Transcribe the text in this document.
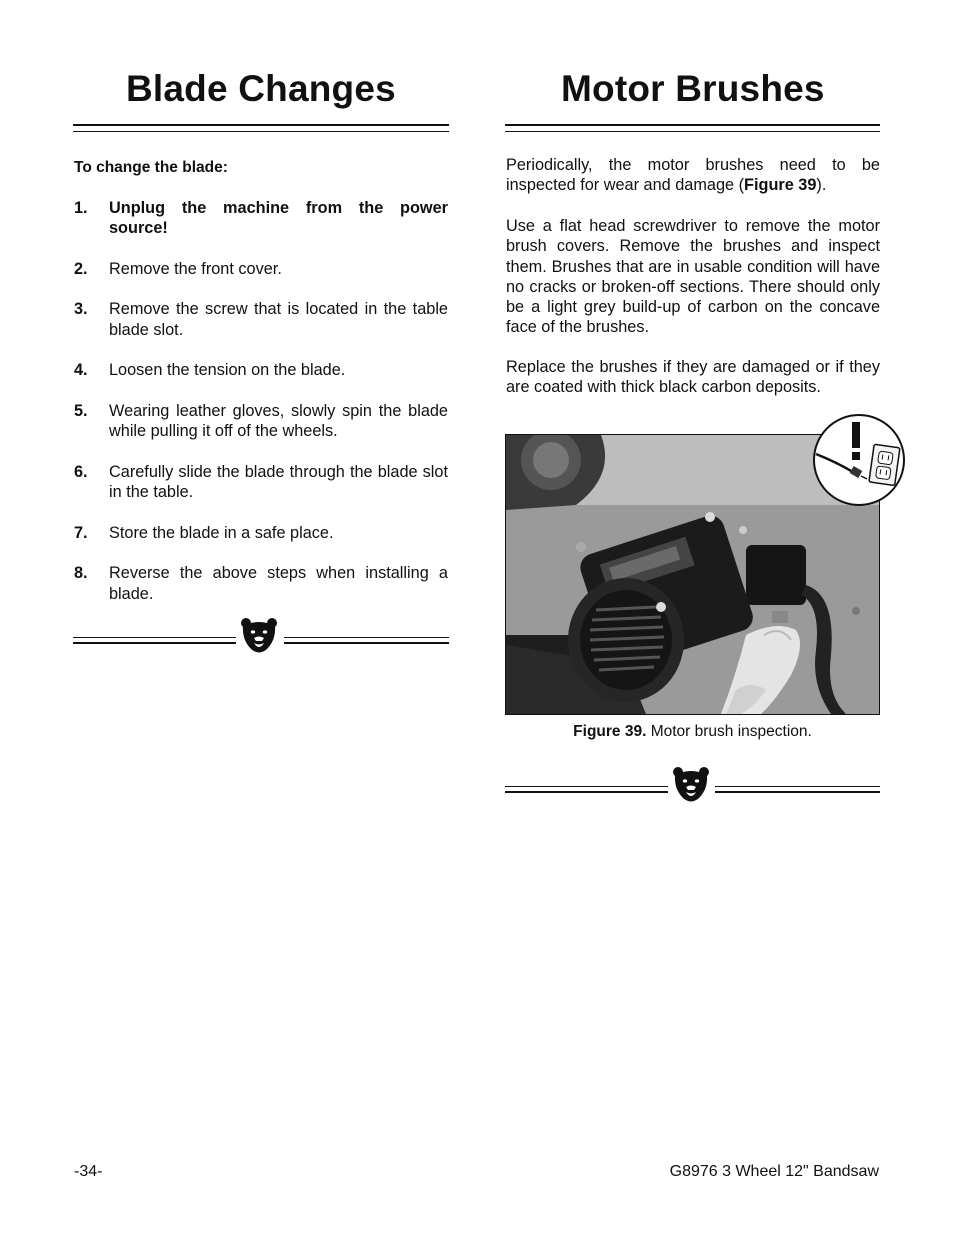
Blade Changes
To change the blade:
1. Unplug the machine from the power source!
2. Remove the front cover.
3. Remove the screw that is located in the table blade slot.
4. Loosen the tension on the blade.
5. Wearing leather gloves, slowly spin the blade while pulling it off of the wheels.
6. Carefully slide the blade through the blade slot in the table.
7. Store the blade in a safe place.
8. Reverse the above steps when installing a blade.
Motor Brushes

Periodically, the motor brushes need to be inspected for wear and damage (Figure 39).

Use a flat head screwdriver to remove the motor brush covers. Remove the brushes and inspect them. Brushes that are in usable condition will have no cracks or broken-off sections. There should only be a light grey build-up of carbon on the concave face of the brushes.

Replace the brushes if they are damaged or if they are coated with thick black carbon deposits.

Figure 39. Motor brush inspection.
-34-	G8976 3 Wheel 12" Bandsaw
